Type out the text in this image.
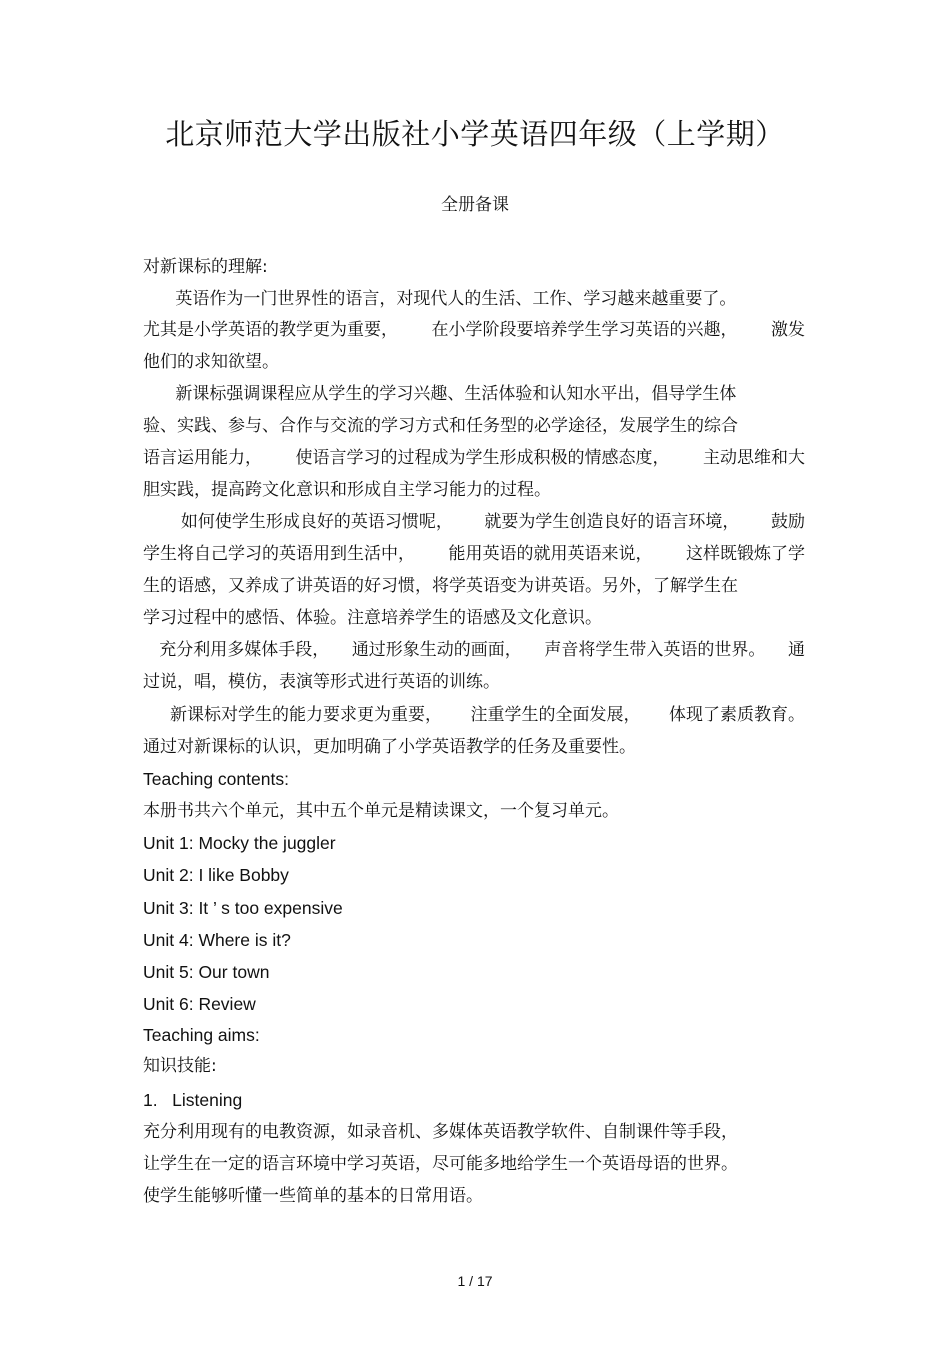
北京师范大学出版社小学英语四年级（上学期）
全册备课
对新课标的理解:
英语作为一门世界性的语言，对现代人的生活、工作、学习越来越重要了。
尤其是小学英语的教学更为重要， 在小学阶段要培养学生学习英语的兴趣， 激发
他们的求知欲望。
新课标强调课程应从学生的学习兴趣、生活体验和认知水平出，倡导学生体
验、实践、参与、合作与交流的学习方式和任务型的必学途径，发展学生的综合
语言运用能力， 使语言学习的过程成为学生形成积极的情感态度， 主动思维和大
胆实践，提高跨文化意识和形成自主学习能力的过程。
如何使学生形成良好的英语习惯呢， 就要为学生创造良好的语言环境， 鼓励
学生将自己学习的英语用到生活中， 能用英语的就用英语来说， 这样既锻炼了学
生的语感，又养成了讲英语的好习惯，将学英语变为讲英语。另外，了解学生在
学习过程中的感悟、体验。注意培养学生的语感及文化意识。
充分利用多媒体手段， 通过形象生动的画面， 声音将学生带入英语的世界。 通
过说，唱，模仿，表演等形式进行英语的训练。
新课标对学生的能力要求更为重要， 注重学生的全面发展， 体现了素质教育。
通过对新课标的认识，更加明确了小学英语教学的任务及重要性。
Teaching contents:
本册书共六个单元，其中五个单元是精读课文，一个复习单元。
Unit 1: Mocky the juggler
Unit 2: I like Bobby
Unit 3: It ’ s too expensive
Unit 4: Where is it?
Unit 5: Our town
Unit 6: Review
Teaching aims:
知识技能:
1.   Listening
充分利用现有的电教资源，如录音机、多媒体英语教学软件、自制课件等手段，
让学生在一定的语言环境中学习英语，尽可能多地给学生一个英语母语的世界。
使学生能够听懂一些简单的基本的日常用语。
1 / 17
